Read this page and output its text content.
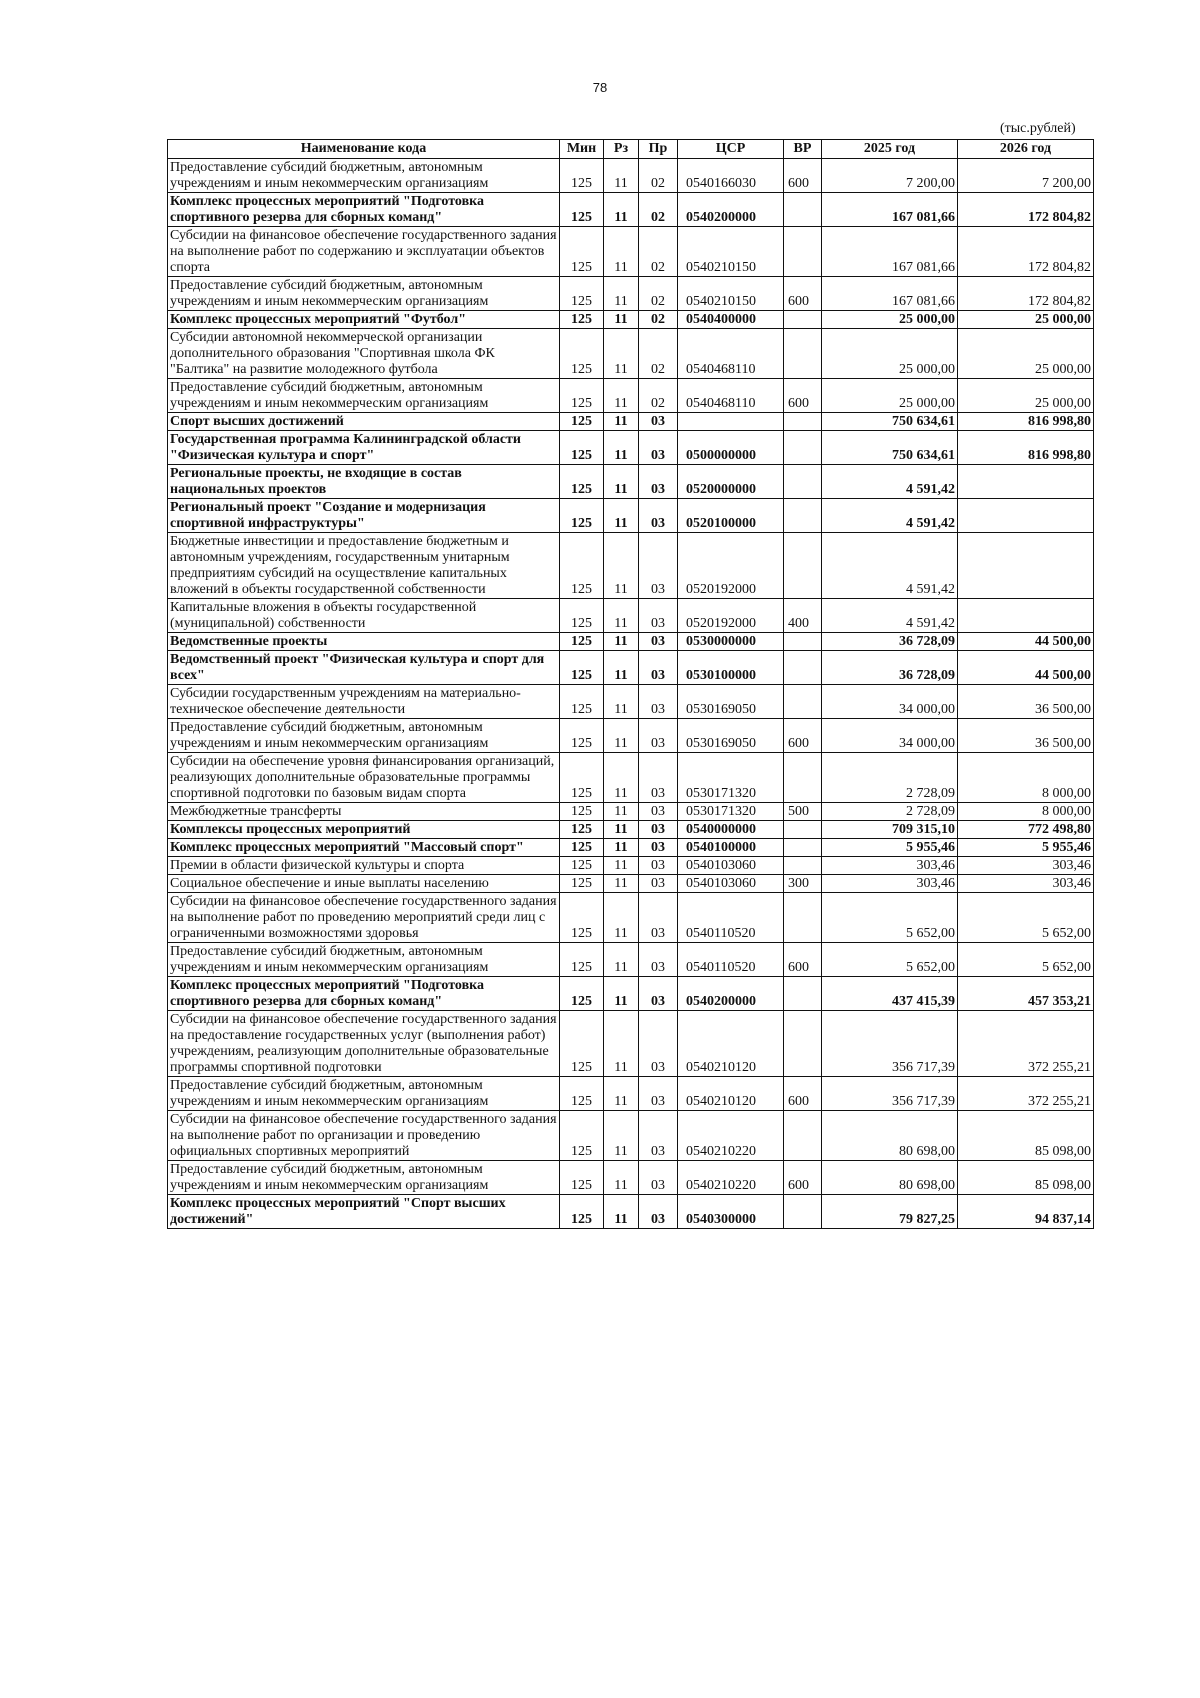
78
(тыс.рублей)
Наименование кода	Мин	Рз	Пр	ЦСР	ВР	2025 год	2026 год
Предоставление субсидий бюджетным, автономным учреждениям и иным некоммерческим организациям	125	11	02	0540166030	600	7 200,00	7 200,00
Комплекс процессных мероприятий "Подготовка спортивного резерва для сборных команд"	125	11	02	0540200000		167 081,66	172 804,82
Субсидии на финансовое обеспечение государственного задания на выполнение работ по содержанию и эксплуатации объектов спорта	125	11	02	0540210150		167 081,66	172 804,82
Предоставление субсидий бюджетным, автономным учреждениям и иным некоммерческим организациям	125	11	02	0540210150	600	167 081,66	172 804,82
Комплекс процессных мероприятий "Футбол"	125	11	02	0540400000		25 000,00	25 000,00
Субсидии автономной некоммерческой организации дополнительного образования "Спортивная школа ФК "Балтика" на развитие молодежного футбола	125	11	02	0540468110		25 000,00	25 000,00
Предоставление субсидий бюджетным, автономным учреждениям и иным некоммерческим организациям	125	11	02	0540468110	600	25 000,00	25 000,00
Спорт высших достижений	125	11	03			750 634,61	816 998,80
Государственная программа Калининградской области "Физическая культура и спорт"	125	11	03	0500000000		750 634,61	816 998,80
Региональные проекты, не входящие в состав национальных проектов	125	11	03	0520000000		4 591,42	
Региональный проект "Создание и модернизация спортивной инфраструктуры"	125	11	03	0520100000		4 591,42	
Бюджетные инвестиции и предоставление бюджетным и автономным учреждениям, государственным унитарным предприятиям субсидий на осуществление капитальных вложений в объекты государственной собственности	125	11	03	0520192000		4 591,42	
Капитальные вложения в объекты государственной (муниципальной) собственности	125	11	03	0520192000	400	4 591,42	
Ведомственные проекты	125	11	03	0530000000		36 728,09	44 500,00
Ведомственный проект "Физическая культура и спорт для всех"	125	11	03	0530100000		36 728,09	44 500,00
Субсидии государственным учреждениям на материально-техническое обеспечение деятельности	125	11	03	0530169050		34 000,00	36 500,00
Предоставление субсидий бюджетным, автономным учреждениям и иным некоммерческим организациям	125	11	03	0530169050	600	34 000,00	36 500,00
Субсидии на обеспечение уровня финансирования организаций, реализующих дополнительные образовательные программы спортивной подготовки по базовым видам спорта	125	11	03	0530171320		2 728,09	8 000,00
Межбюджетные трансферты	125	11	03	0530171320	500	2 728,09	8 000,00
Комплексы процессных мероприятий	125	11	03	0540000000		709 315,10	772 498,80
Комплекс процессных мероприятий "Массовый спорт"	125	11	03	0540100000		5 955,46	5 955,46
Премии в области физической культуры и спорта	125	11	03	0540103060		303,46	303,46
Социальное обеспечение и иные выплаты населению	125	11	03	0540103060	300	303,46	303,46
Субсидии на финансовое обеспечение государственного задания на выполнение работ по проведению мероприятий среди лиц с ограниченными возможностями здоровья	125	11	03	0540110520		5 652,00	5 652,00
Предоставление субсидий бюджетным, автономным учреждениям и иным некоммерческим организациям	125	11	03	0540110520	600	5 652,00	5 652,00
Комплекс процессных мероприятий "Подготовка спортивного резерва для сборных команд"	125	11	03	0540200000		437 415,39	457 353,21
Субсидии на финансовое обеспечение государственного задания на предоставление государственных услуг (выполнения работ) учреждениям, реализующим дополнительные образовательные программы спортивной подготовки	125	11	03	0540210120		356 717,39	372 255,21
Предоставление субсидий бюджетным, автономным учреждениям и иным некоммерческим организациям	125	11	03	0540210120	600	356 717,39	372 255,21
Субсидии на финансовое обеспечение государственного задания на выполнение работ по организации и проведению официальных спортивных мероприятий	125	11	03	0540210220		80 698,00	85 098,00
Предоставление субсидий бюджетным, автономным учреждениям и иным некоммерческим организациям	125	11	03	0540210220	600	80 698,00	85 098,00
Комплекс процессных мероприятий "Спорт высших достижений"	125	11	03	0540300000		79 827,25	94 837,14
